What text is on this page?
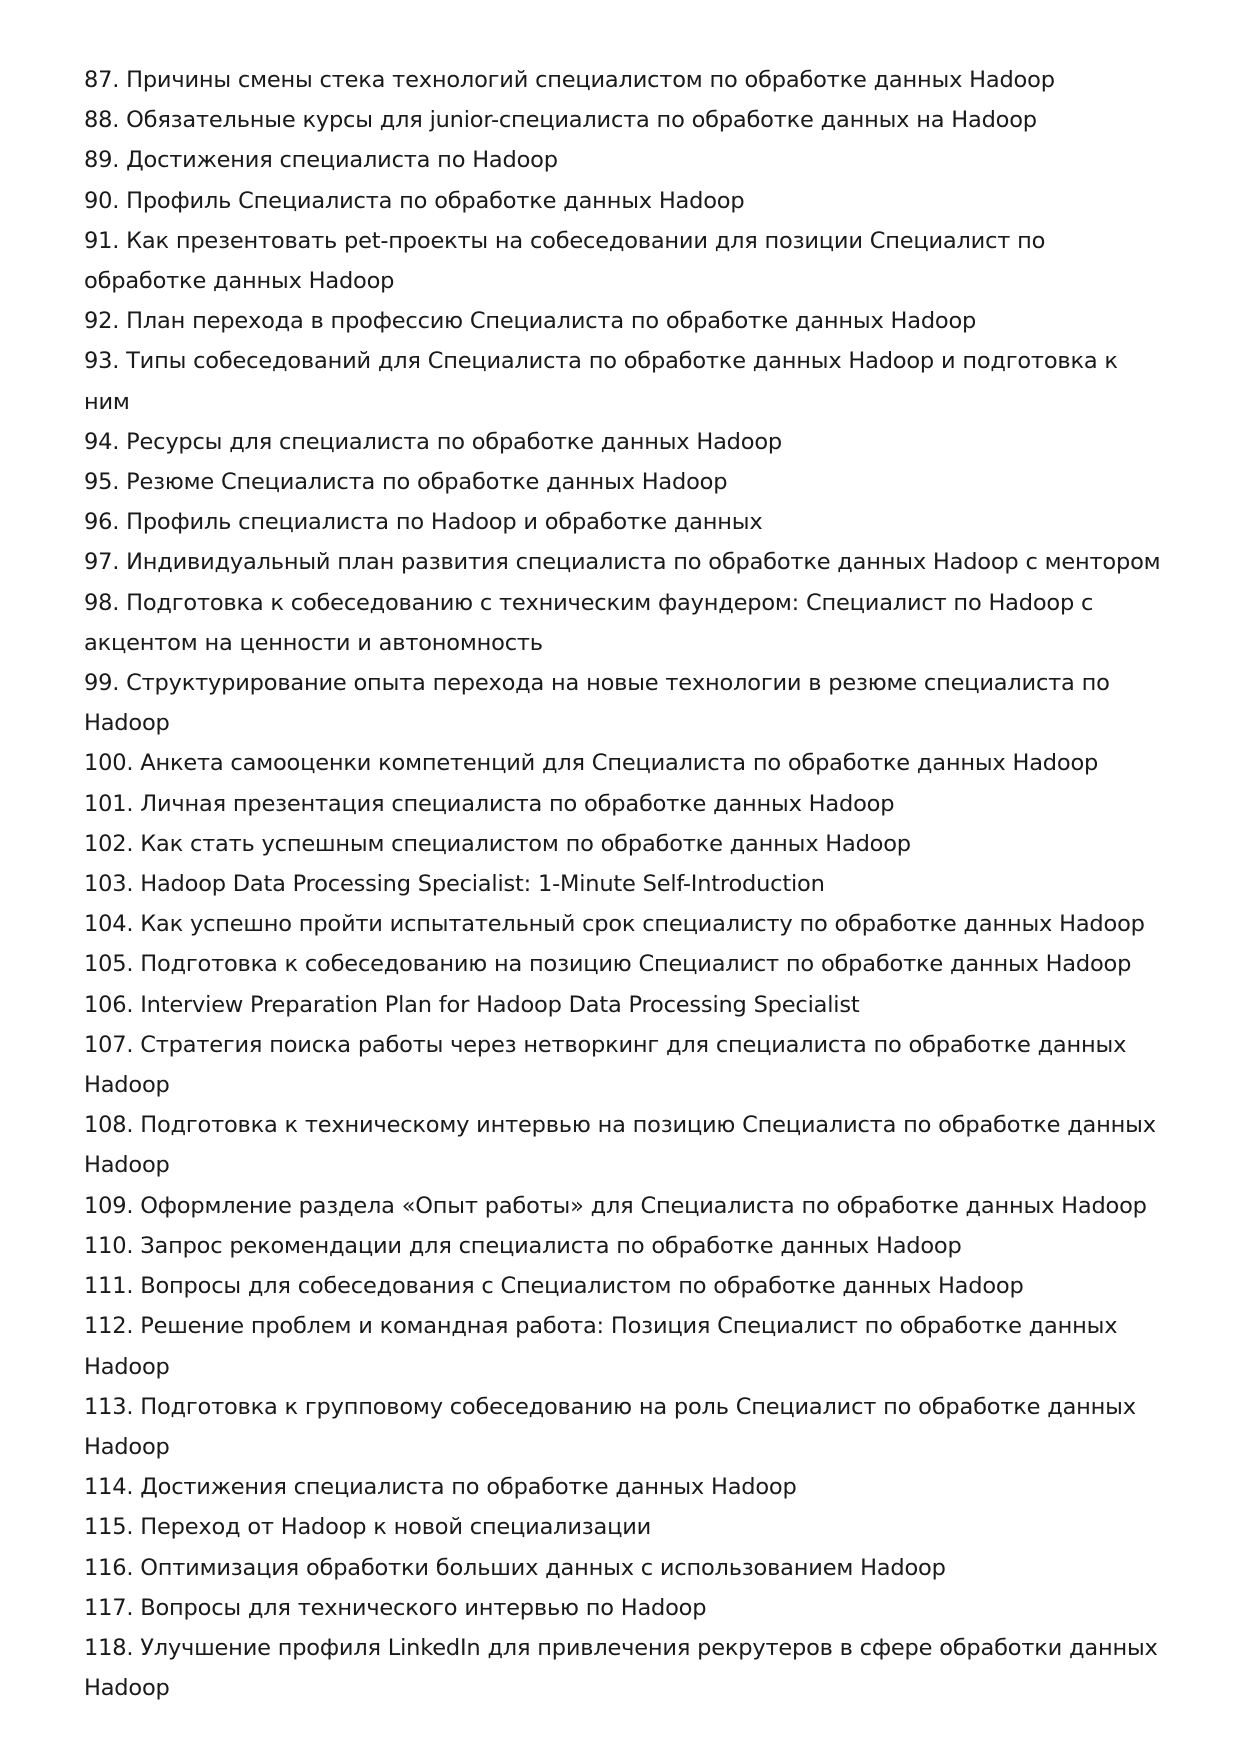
87. Причины смены стека технологий специалистом по обработке данных Hadoop
88. Обязательные курсы для junior-специалиста по обработке данных на Hadoop
89. Достижения специалиста по Hadoop
90. Профиль Специалиста по обработке данных Hadoop
91. Как презентовать pet-проекты на собеседовании для позиции Специалист по обработке данных Hadoop
92. План перехода в профессию Специалиста по обработке данных Hadoop
93. Типы собеседований для Специалиста по обработке данных Hadoop и подготовка к ним
94. Ресурсы для специалиста по обработке данных Hadoop
95. Резюме Специалиста по обработке данных Hadoop
96. Профиль специалиста по Hadoop и обработке данных
97. Индивидуальный план развития специалиста по обработке данных Hadoop с ментором
98. Подготовка к собеседованию с техническим фаундером: Специалист по Hadoop с акцентом на ценности и автономность
99. Структурирование опыта перехода на новые технологии в резюме специалиста по Hadoop
100. Анкета самооценки компетенций для Специалиста по обработке данных Hadoop
101. Личная презентация специалиста по обработке данных Hadoop
102. Как стать успешным специалистом по обработке данных Hadoop
103. Hadoop Data Processing Specialist: 1-Minute Self-Introduction
104. Как успешно пройти испытательный срок специалисту по обработке данных Hadoop
105. Подготовка к собеседованию на позицию Специалист по обработке данных Hadoop
106. Interview Preparation Plan for Hadoop Data Processing Specialist
107. Стратегия поиска работы через нетворкинг для специалиста по обработке данных Hadoop
108. Подготовка к техническому интервью на позицию Специалиста по обработке данных Hadoop
109. Оформление раздела «Опыт работы» для Специалиста по обработке данных Hadoop
110. Запрос рекомендации для специалиста по обработке данных Hadoop
111. Вопросы для собеседования с Специалистом по обработке данных Hadoop
112. Решение проблем и командная работа: Позиция Специалист по обработке данных Hadoop
113. Подготовка к групповому собеседованию на роль Специалист по обработке данных Hadoop
114. Достижения специалиста по обработке данных Hadoop
115. Переход от Hadoop к новой специализации
116. Оптимизация обработки больших данных с использованием Hadoop
117. Вопросы для технического интервью по Hadoop
118. Улучшение профиля LinkedIn для привлечения рекрутеров в сфере обработки данных Hadoop
